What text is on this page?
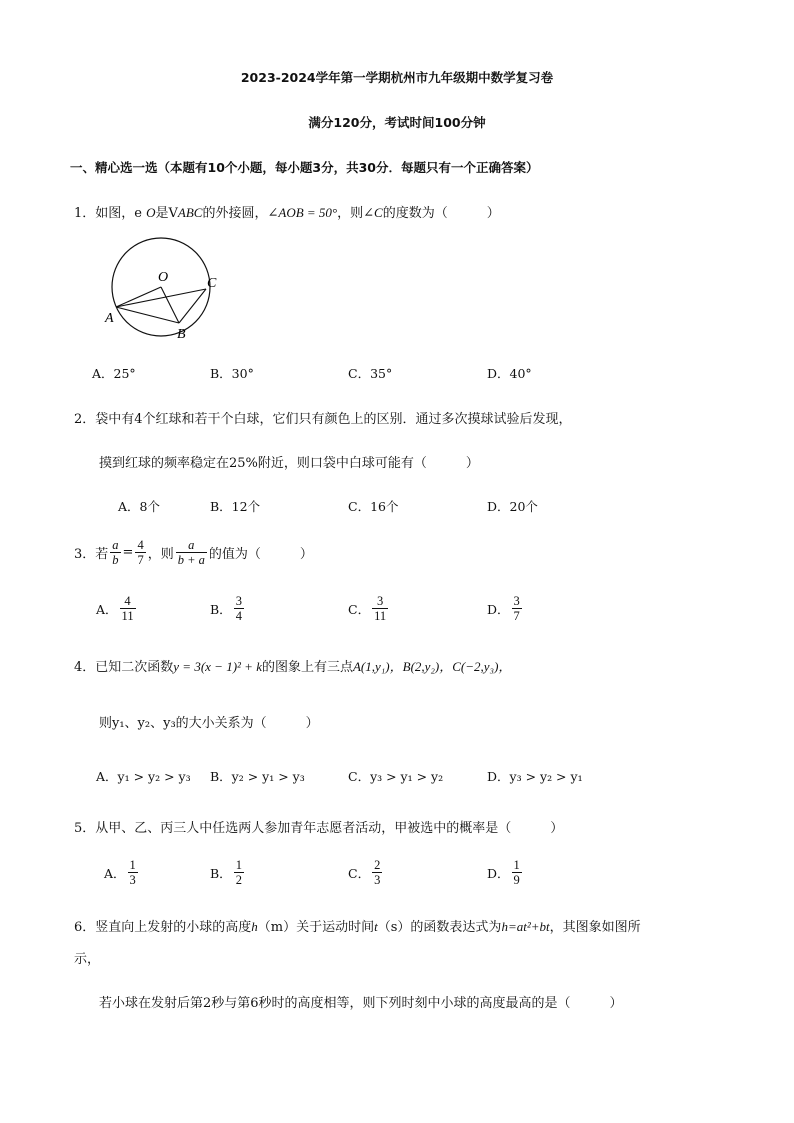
2023-2024学年第一学期杭州市九年级期中数学复习卷
满分120分，考试时间100分钟
一、精心选一选（本题有10个小题，每小题3分，共30分．每题只有一个正确答案）
1．如图，e O是VABC的外接圆，∠AOB = 50°，则∠C的度数为（　　　）
O
A
B
C
A．25°	B．30°	C．35°	D．40°
2．袋中有4个红球和若干个白球，它们只有颜色上的区别．通过多次摸球试验后发现，
摸到红球的频率稳定在25%附近，则口袋中白球可能有（　　　）
A．8个	B．12个	C．16个	D．20个
3．若 $\frac{a}{b} = \frac{4}{7}$ ，则 $\frac{a}{b + a}$ 的值为（　　　）
A． $\frac{4}{11}$	B． $\frac{3}{4}$	C． $\frac{3}{11}$	D． $\frac{3}{7}$
4．已知二次函数y = 3(x − 1)² + k的图象上有三点A(1,y₁)，B(2,y₂)，C(−2,y₃)，
则y₁、y₂、y₃的大小关系为（　　　）
A．y₁ > y₂ > y₃ B．y₂ > y₁ > y₃	C．y₃ > y₁ > y₂	D．y₃ > y₂ > y₁
5．从甲、乙、丙三人中任选两人参加青年志愿者活动，甲被选中的概率是（　　　）
A． $\frac{1}{3}$	B． $\frac{1}{2}$	C． $\frac{2}{3}$	D． $\frac{1}{9}$
6．竖直向上发射的小球的高度h（m）关于运动时间t（s）的函数表达式为h=at²+bt，其图象如图所
示，
若小球在发射后第2秒与第6秒时的高度相等，则下列时刻中小球的高度最高的是（　　　）
